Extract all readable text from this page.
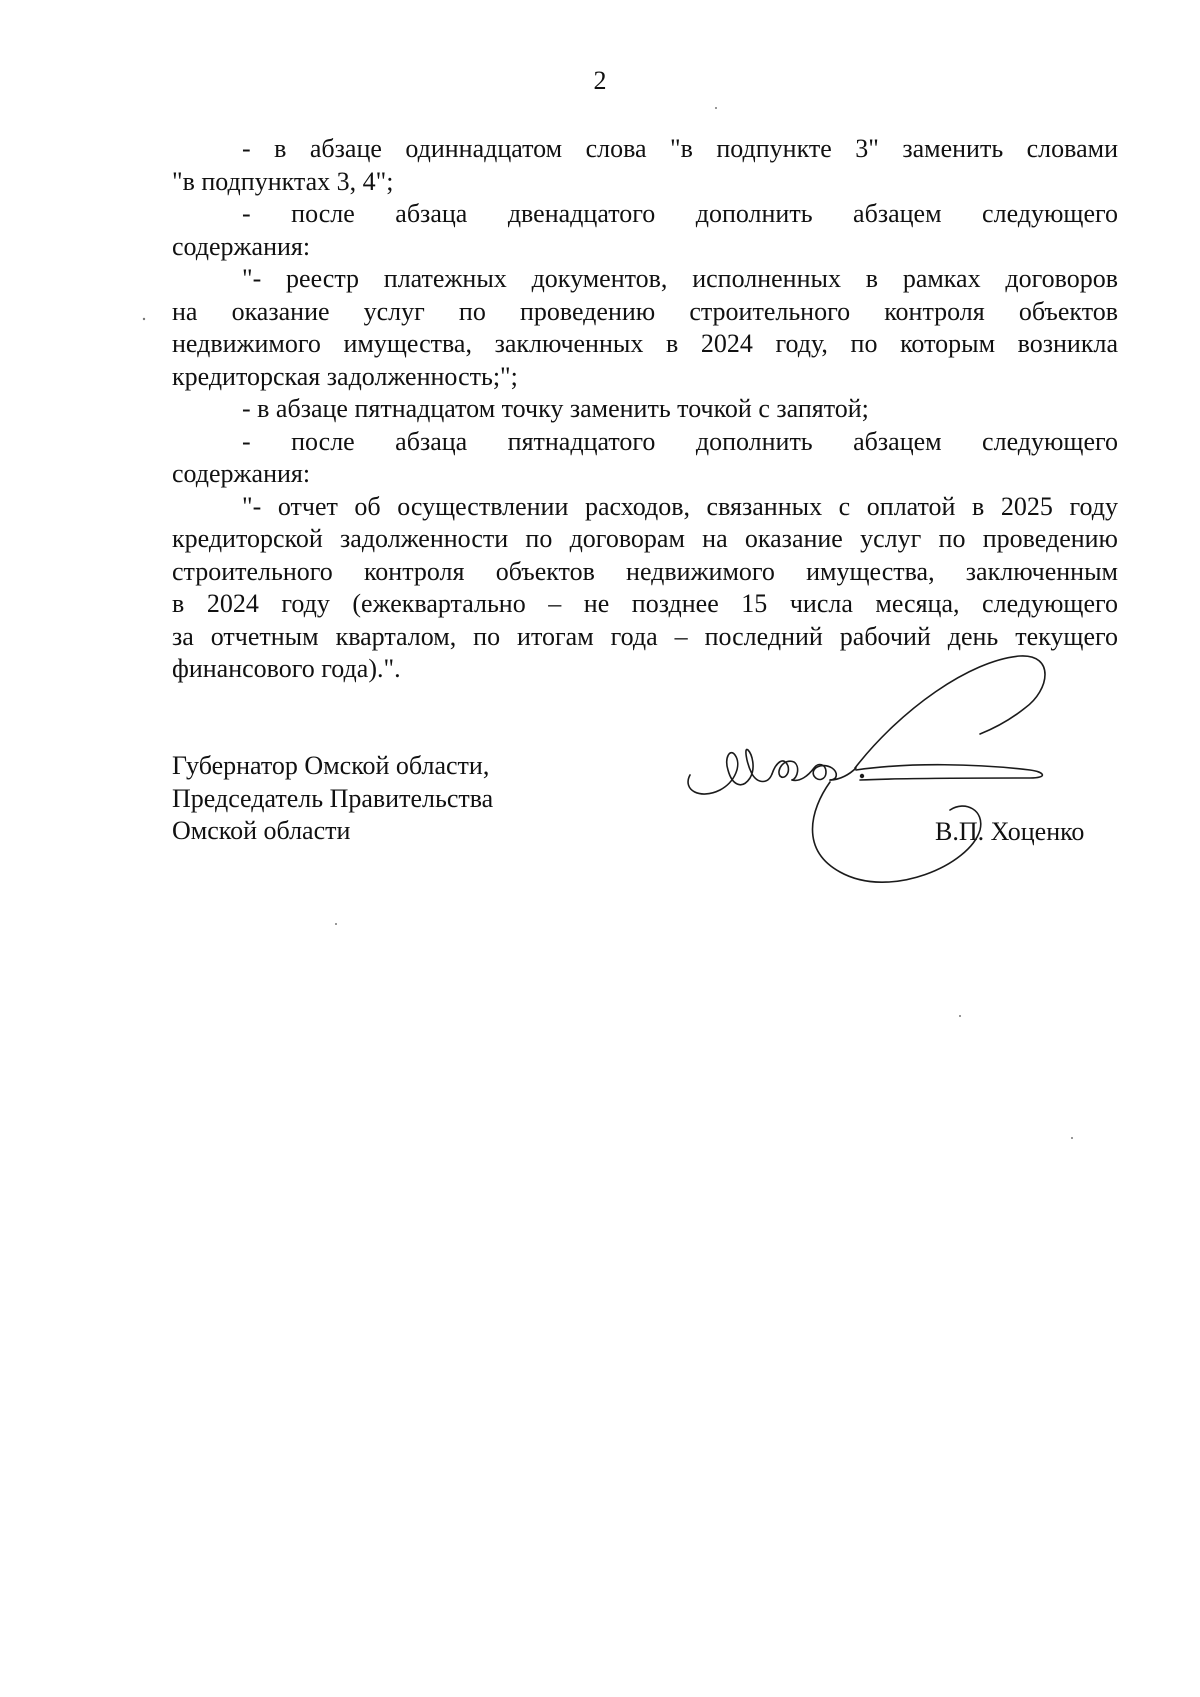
2

- в абзаце одиннадцатом слова "в подпункте 3" заменить словами
"в подпунктах 3, 4";

- после абзаца двенадцатого дополнить абзацем следующего
содержания:

"- реестр платежных документов, исполненных в рамках договоров
на оказание услуг по проведению строительного контроля объектов
недвижимого имущества, заключенных в 2024 году, по которым возникла
кредиторская задолженность;";

- в абзаце пятнадцатом точку заменить точкой с запятой;

- после абзаца пятнадцатого дополнить абзацем следующего
содержания:

"- отчет об осуществлении расходов, связанных с оплатой в 2025 году
кредиторской задолженности по договорам на оказание услуг по проведению
строительного контроля объектов недвижимого имущества, заключенным
в 2024 году (ежеквартально – не позднее 15 числа месяца, следующего
за отчетным кварталом, по итогам года – последний рабочий день текущего
финансового года).".

Губернатор Омской области,
Председатель Правительства
Омской области	В.П. Хоценко
